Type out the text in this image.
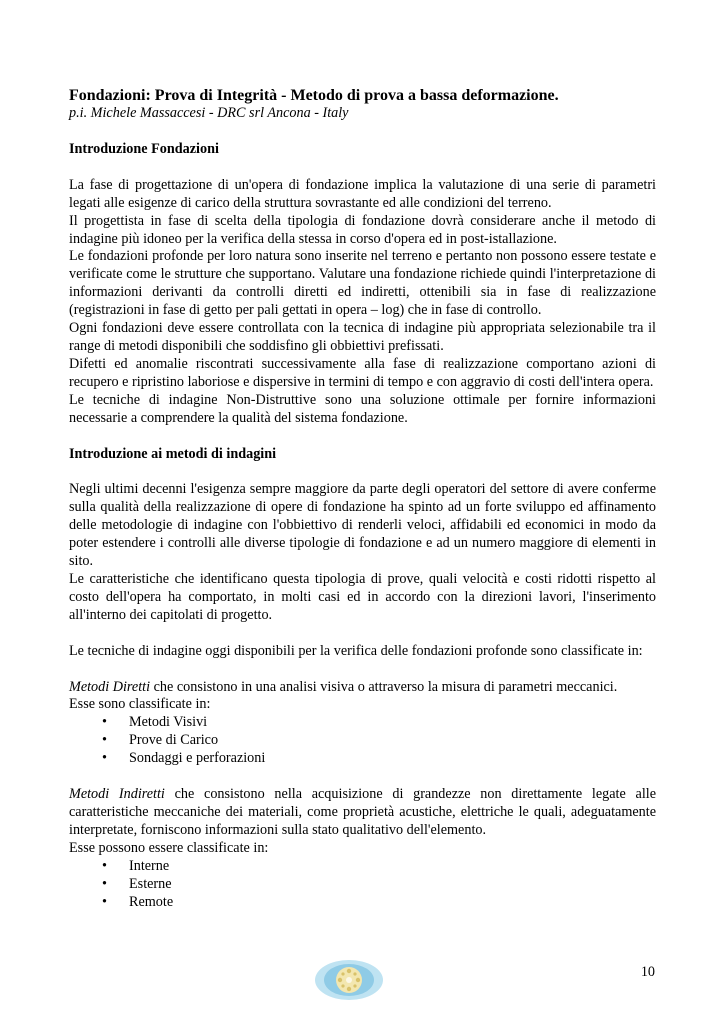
Fondazioni: Prova di Integrità - Metodo di prova a bassa deformazione.

p.i. Michele Massaccesi - DRC srl Ancona - Italy

Introduzione Fondazioni

La fase di progettazione di un'opera di fondazione implica la valutazione di una serie di parametri legati alle esigenze di carico della struttura sovrastante ed alle condizioni del terreno.

Il progettista in fase di scelta della tipologia di fondazione dovrà considerare anche il metodo di indagine più idoneo per la verifica della stessa in corso d'opera ed in post-istallazione.

Le fondazioni profonde per loro natura sono inserite nel terreno e pertanto non possono essere testate e verificate come le strutture che supportano. Valutare una fondazione richiede quindi l'interpretazione di informazioni derivanti da controlli diretti ed indiretti, ottenibili sia in fase di realizzazione (registrazioni in fase di getto per pali gettati in opera – log) che in fase di controllo.

Ogni fondazioni deve essere controllata con la tecnica di indagine più appropriata selezionabile tra il range di metodi disponibili che soddisfino gli obbiettivi prefissati.

Difetti ed anomalie riscontrati successivamente alla fase di realizzazione comportano azioni di recupero e ripristino laboriose e dispersive in termini di tempo e con aggravio di costi dell'intera opera.

Le tecniche di indagine Non-Distruttive sono una soluzione ottimale per fornire informazioni necessarie a comprendere la qualità del sistema fondazione.

Introduzione ai metodi di indagini

Negli ultimi decenni l'esigenza sempre maggiore da parte degli operatori del settore di avere conferme sulla qualità della realizzazione di opere di fondazione ha spinto ad un forte sviluppo ed affinamento delle metodologie di indagine con l'obbiettivo di renderli veloci, affidabili ed economici in modo da poter estendere i controlli alle diverse tipologie di fondazione e ad un numero maggiore di elementi in sito.

Le caratteristiche che identificano questa tipologia di prove, quali velocità e costi ridotti rispetto al costo dell'opera ha comportato, in molti casi ed in accordo con la direzioni lavori, l'inserimento all'interno dei capitolati di progetto.

Le tecniche di indagine oggi disponibili per la verifica delle fondazioni profonde sono classificate in:

Metodi Diretti che consistono in una analisi visiva o attraverso la misura di parametri meccanici.

Esse sono classificate in:

• Metodi Visivi
• Prove di Carico
• Sondaggi e perforazioni

Metodi Indiretti che consistono nella acquisizione di grandezze non direttamente legate alle caratteristiche meccaniche dei materiali, come proprietà acustiche, elettriche le quali, adeguatamente interpretate, forniscono informazioni sulla stato qualitativo dell'elemento.

Esse possono essere classificate in:

• Interne
• Esterne
• Remote
10
